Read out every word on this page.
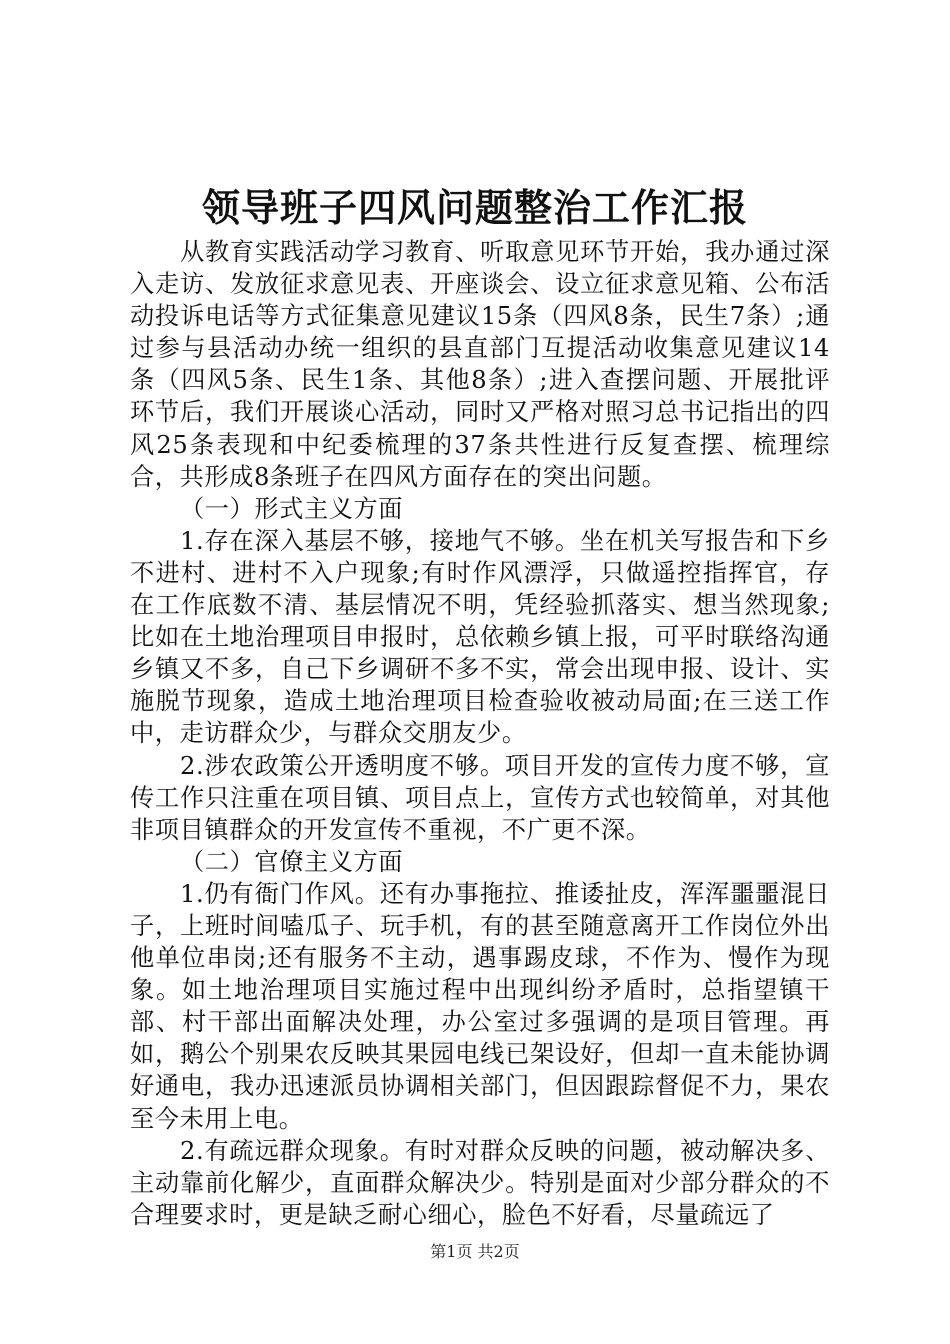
领导班子四风问题整治工作汇报

从教育实践活动学习教育、听取意见环节开始，我办通过深入走访、发放征求意见表、开座谈会、设立征求意见箱、公布活动投诉电话等方式征集意见建议15条（四风8条，民生7条）;通过参与县活动办统一组织的县直部门互提活动收集意见建议14条（四风5条、民生1条、其他8条）;进入查摆问题、开展批评环节后，我们开展谈心活动，同时又严格对照习总书记指出的四风25条表现和中纪委梳理的37条共性进行反复查摆、梳理综合，共形成8条班子在四风方面存在的突出问题。

（一）形式主义方面

1.存在深入基层不够，接地气不够。坐在机关写报告和下乡不进村、进村不入户现象;有时作风漂浮，只做遥控指挥官，存在工作底数不清、基层情况不明，凭经验抓落实、想当然现象;比如在土地治理项目申报时，总依赖乡镇上报，可平时联络沟通乡镇又不多，自己下乡调研不多不实，常会出现申报、设计、实施脱节现象，造成土地治理项目检查验收被动局面;在三送工作中，走访群众少，与群众交朋友少。

2.涉农政策公开透明度不够。项目开发的宣传力度不够，宣传工作只注重在项目镇、项目点上，宣传方式也较简单，对其他非项目镇群众的开发宣传不重视，不广更不深。

（二）官僚主义方面

1.仍有衙门作风。还有办事拖拉、推诿扯皮，浑浑噩噩混日子，上班时间嗑瓜子、玩手机，有的甚至随意离开工作岗位外出他单位串岗;还有服务不主动，遇事踢皮球，不作为、慢作为现象。如土地治理项目实施过程中出现纠纷矛盾时，总指望镇干部、村干部出面解决处理，办公室过多强调的是项目管理。再如，鹅公个别果农反映其果园电线已架设好，但却一直未能协调好通电，我办迅速派员协调相关部门，但因跟踪督促不力，果农至今未用上电。

2.有疏远群众现象。有时对群众反映的问题，被动解决多、主动靠前化解少，直面群众解决少。特别是面对少部分群众的不合理要求时，更是缺乏耐心细心，脸色不好看，尽量疏远了

第1页 共2页
